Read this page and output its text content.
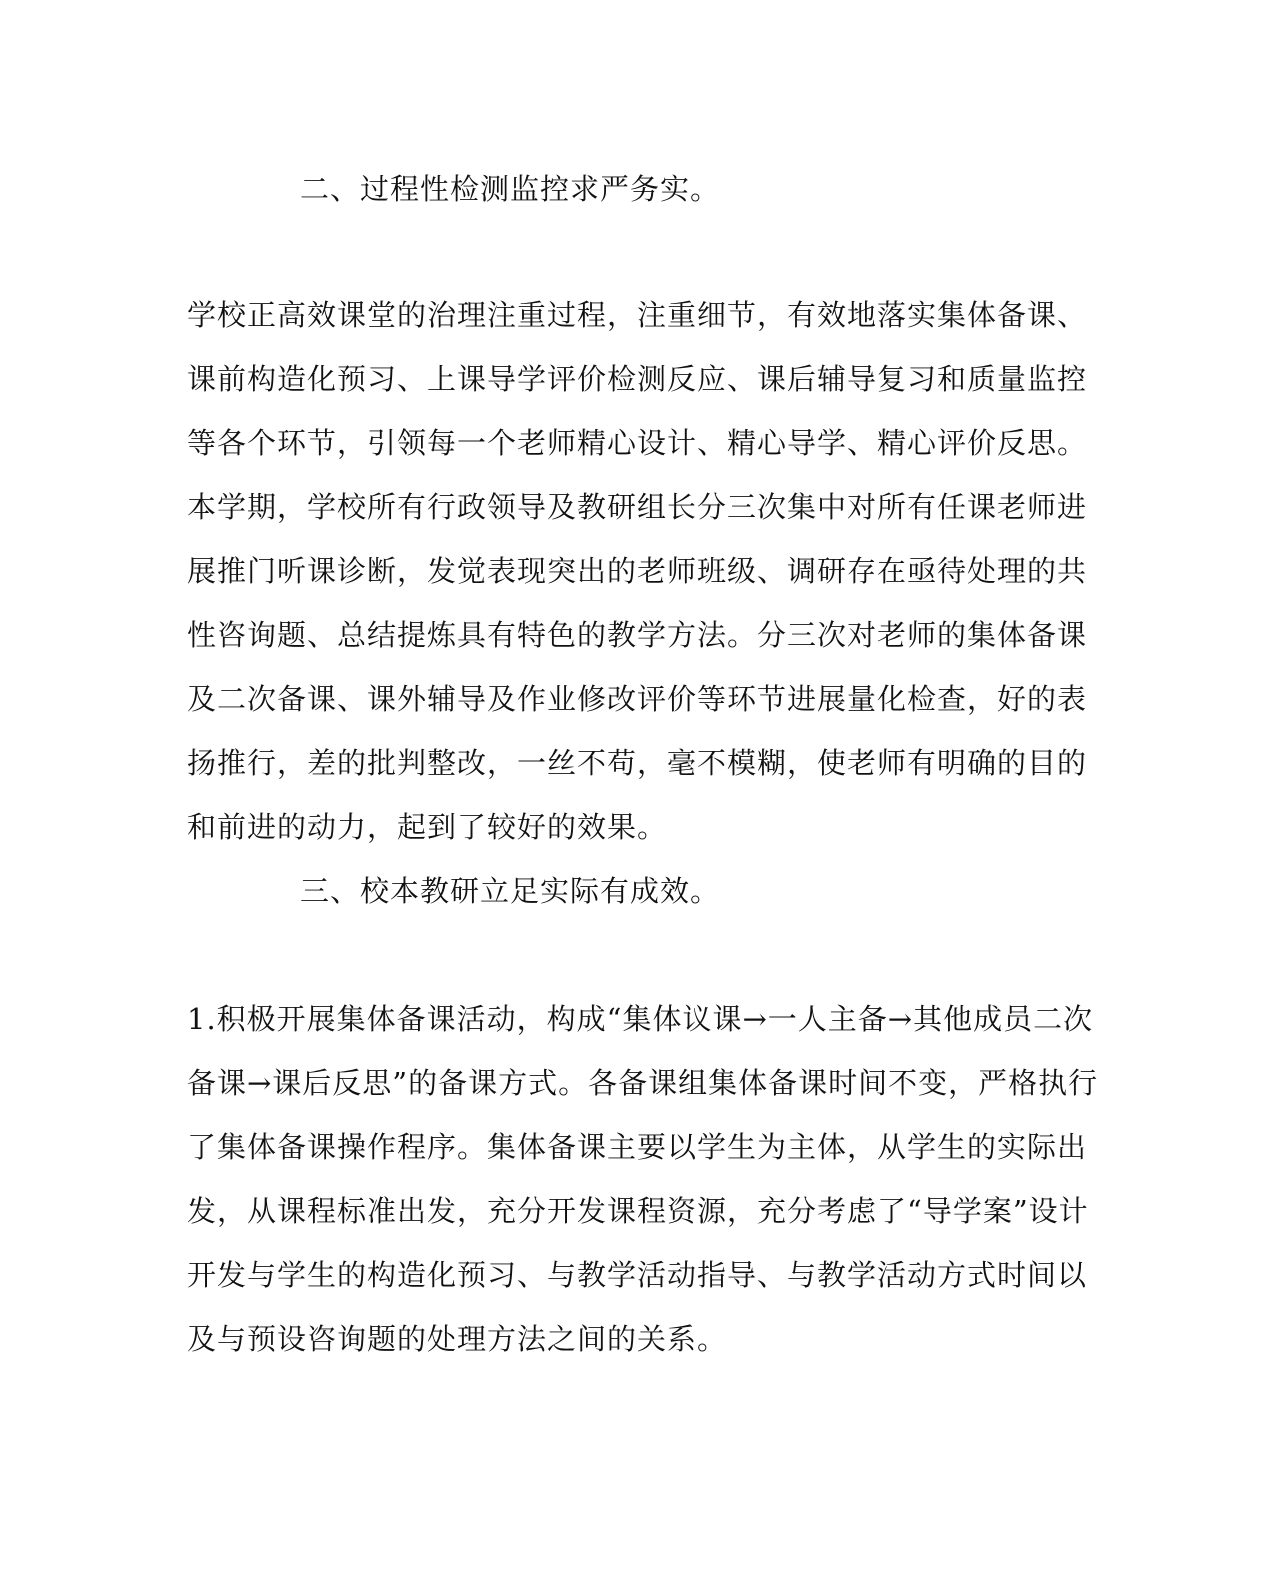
二、过程性检测监控求严务实。
学校正高效课堂的治理注重过程，注重细节，有效地落实集体备课、
课前构造化预习、上课导学评价检测反应、课后辅导复习和质量监控
等各个环节，引领每一个老师精心设计、精心导学、精心评价反思。
本学期，学校所有行政领导及教研组长分三次集中对所有任课老师进
展推门听课诊断，发觉表现突出的老师班级、调研存在亟待处理的共
性咨询题、总结提炼具有特色的教学方法。分三次对老师的集体备课
及二次备课、课外辅导及作业修改评价等环节进展量化检查，好的表
扬推行，差的批判整改，一丝不苟，毫不模糊，使老师有明确的目的
和前进的动力，起到了较好的效果。
三、校本教研立足实际有成效。
1.积极开展集体备课活动，构成“集体议课→一人主备→其他成员二次
备课→课后反思”的备课方式。各备课组集体备课时间不变，严格执行
了集体备课操作程序。集体备课主要以学生为主体，从学生的实际出
发，从课程标准出发，充分开发课程资源，充分考虑了“导学案”设计
开发与学生的构造化预习、与教学活动指导、与教学活动方式时间以
及与预设咨询题的处理方法之间的关系。
